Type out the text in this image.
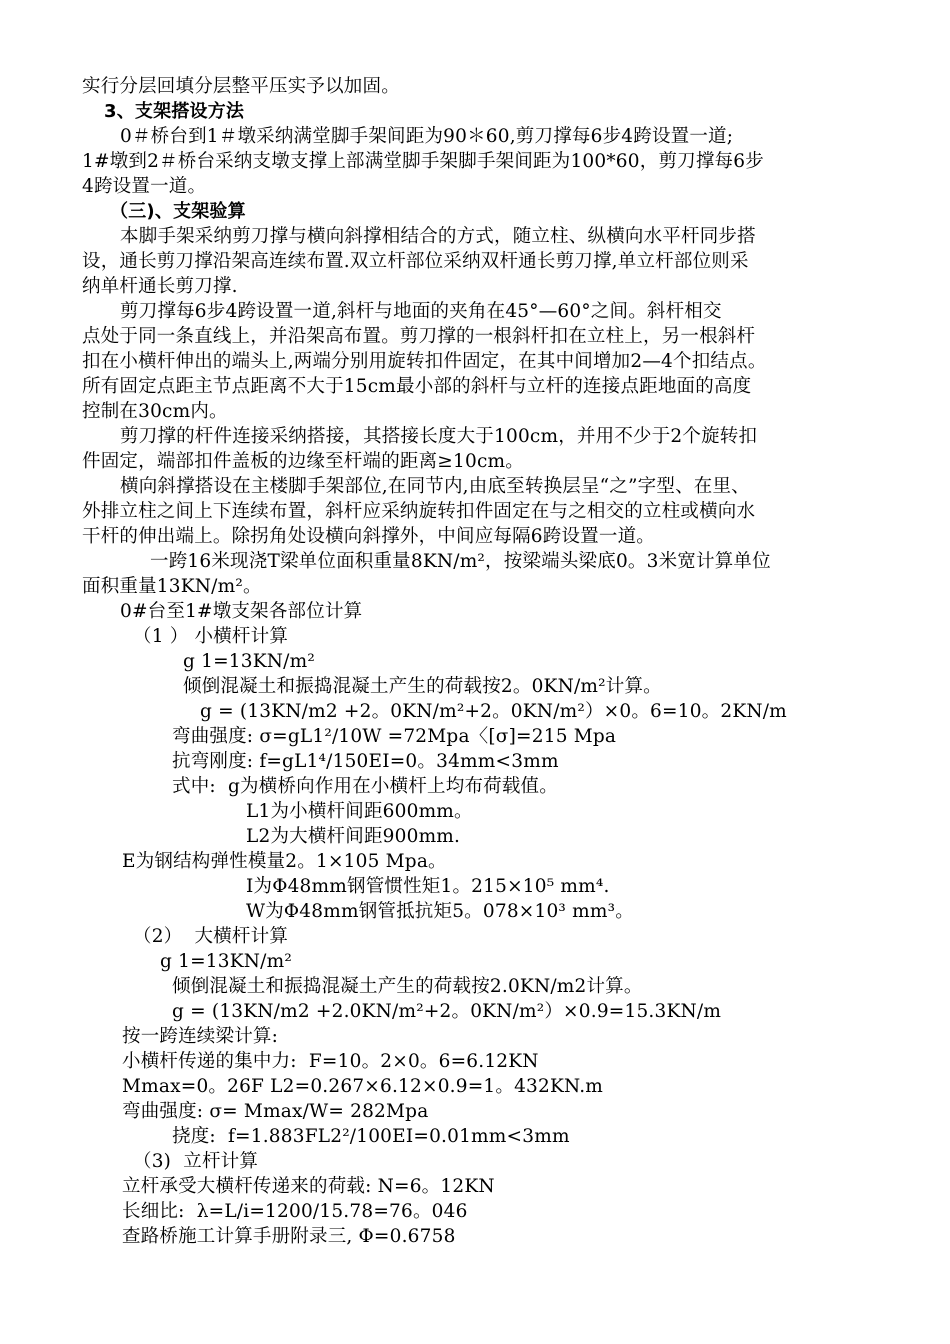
实行分层回填分层整平压实予以加固。
3、支架搭设方法
0＃桥台到1＃墩采纳满堂脚手架间距为90＊60,剪刀撑每6步4跨设置一道;
1#墩到2＃桥台采纳支墩支撑上部满堂脚手架脚手架间距为100*60，剪刀撑每6步
4跨设置一道。
（三)、支架验算
本脚手架采纳剪刀撑与横向斜撑相结合的方式，随立柱、纵横向水平杆同步搭
设，通长剪刀撑沿架高连续布置.双立杆部位采纳双杆通长剪刀撑,单立杆部位则采
纳单杆通长剪刀撑.
剪刀撑每6步4跨设置一道,斜杆与地面的夹角在45°—60°之间。斜杆相交
点处于同一条直线上，并沿架高布置。剪刀撑的一根斜杆扣在立柱上，另一根斜杆
扣在小横杆伸出的端头上,两端分别用旋转扣件固定，在其中间增加2—4个扣结点。
所有固定点距主节点距离不大于15cm最小部的斜杆与立杆的连接点距地面的高度
控制在30cm内。
剪刀撑的杆件连接采纳搭接，其搭接长度大于100cm，并用不少于2个旋转扣
件固定，端部扣件盖板的边缘至杆端的距离≥10cm。
横向斜撑搭设在主楼脚手架部位,在同节内,由底至转换层呈“之”字型、在里、
外排立柱之间上下连续布置，斜杆应采纳旋转扣件固定在与之相交的立柱或横向水
干杆的伸出端上。除拐角处设横向斜撑外，中间应每隔6跨设置一道。
一跨16米现浇T梁单位面积重量8KN/m²，按梁端头梁底0。3米宽计算单位
面积重量13KN/m²。
0#台至1#墩支架各部位计算
（1 ） 小横杆计算
g 1=13KN/m²
倾倒混凝土和振捣混凝土产生的荷载按2。0KN/m²计算。
g = (13KN/m2 +2。0KN/m²+2。0KN/m²）×0。6=10。2KN/m
弯曲强度: σ=gL1²/10W =72Mpa〈[σ]=215 Mpa
抗弯刚度: f=gL1⁴/150EI=0。34mm<3mm
式中:  g为横桥向作用在小横杆上均布荷载值。
L1为小横杆间距600mm。
L2为大横杆间距900mm.
E为钢结构弹性模量2。1×105 Mpa。
I为Φ48mm钢管惯性矩1。215×10⁵ mm⁴.
W为Φ48mm钢管抵抗矩5。078×10³ mm³。
（2）  大横杆计算
g 1=13KN/m²
倾倒混凝土和振捣混凝土产生的荷载按2.0KN/m2计算。
g = (13KN/m2 +2.0KN/m²+2。0KN/m²）×0.9=15.3KN/m
按一跨连续梁计算:
小横杆传递的集中力:  F=10。2×0。6=6.12KN
Mmax=0。26F L2=0.267×6.12×0.9=1。432KN.m
弯曲强度: σ= Mmax/W= 282Mpa
挠度:  f=1.883FL2²/100EI=0.01mm<3mm
（3)  立杆计算
立杆承受大横杆传递来的荷载: N=6。12KN
长细比:  λ=L/i=1200/15.78=76。046
查路桥施工计算手册附录三, Φ=0.6758
